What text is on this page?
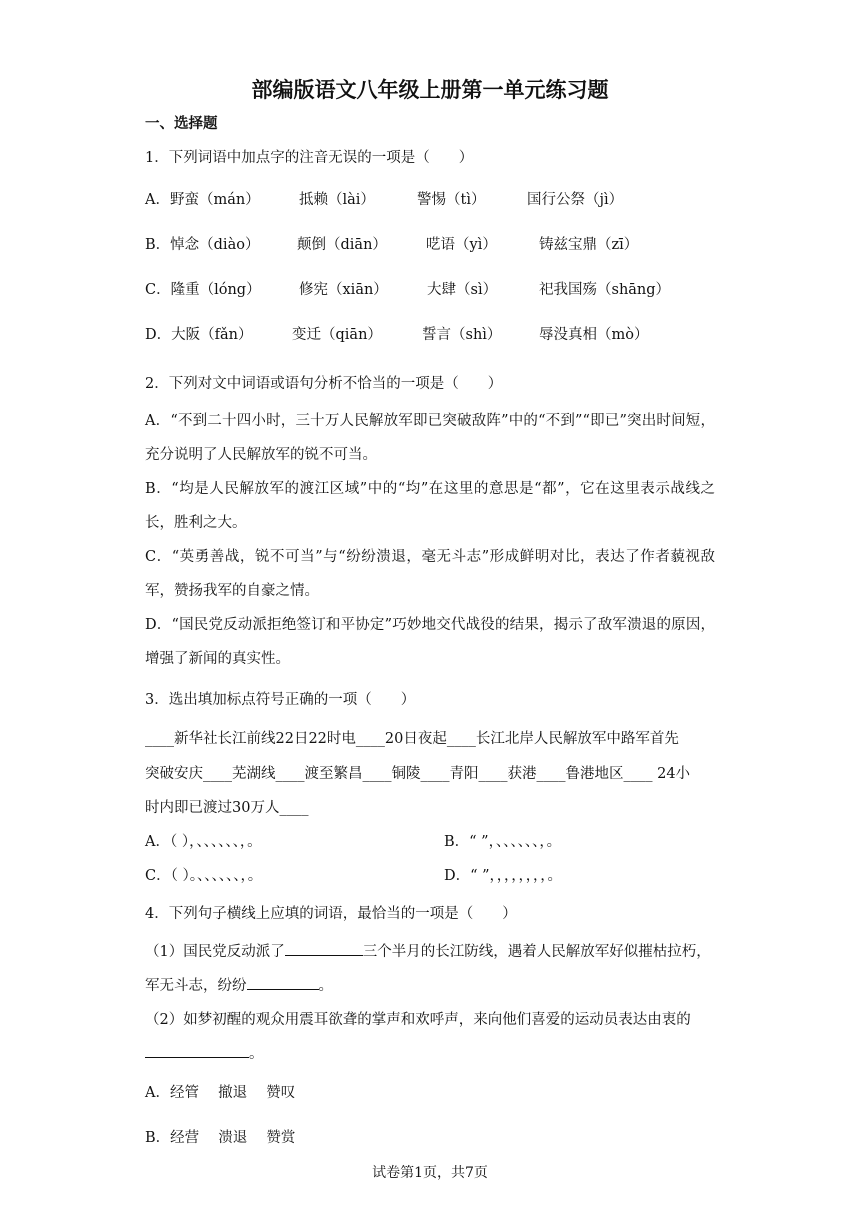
部编版语文八年级上册第一单元练习题
一、选择题
1．下列词语中加点字的注音无误的一项是（　　）
A．野蛮（mán）	抵赖（lài）	警惕（tì）	国行公祭（jì）
B．悼念（diào）	颠倒（diān）	呓语（yì）	铸兹宝鼎（zī）
C．隆重（lóng）	修宪（xiān）	大肆（sì）	祀我国殇（shāng）
D．大阪（fǎn）	变迁（qiān）	誓言（shì）	辱没真相（mò）
2．下列对文中词语或语句分析不恰当的一项是（　　）
A．“不到二十四小时，三十万人民解放军即已突破敌阵”中的“不到”“即已”突出时间短，充分说明了人民解放军的锐不可当。
B．“均是人民解放军的渡江区域”中的“均”在这里的意思是“都”，它在这里表示战线之长，胜利之大。
C．“英勇善战，锐不可当”与“纷纷溃退，毫无斗志”形成鲜明对比，表达了作者藐视敌军，赞扬我军的自豪之情。
D．“国民党反动派拒绝签订和平协定”巧妙地交代战役的结果，揭示了敌军溃退的原因，增强了新闻的真实性。
3．选出填加标点符号正确的一项（　　）
____新华社长江前线22日22时电____20日夜起____长江北岸人民解放军中路军首先
突破安庆____芜湖线____渡至繁昌____铜陵____青阳____获港____鲁港地区____ 24小
时内即已渡过30万人____
A．（ ），、、、、、、，。	B．“ ”，、、、、、、，。
C．（ ）。、、、、、、，。	D．“ ”，，，，，，，，。
4．下列句子横线上应填的词语，最恰当的一项是（　　）
（1）国民党反动派了	三个半月的长江防线，遇着人民解放军好似摧枯拉朽，
军无斗志，纷纷	。
（2）如梦初醒的观众用震耳欲聋的掌声和欢呼声，来向他们喜爱的运动员表达由衷的
。
A．经管　 撤退　 赞叹
B．经营　 溃退　 赞赏
试卷第1页，共7页
